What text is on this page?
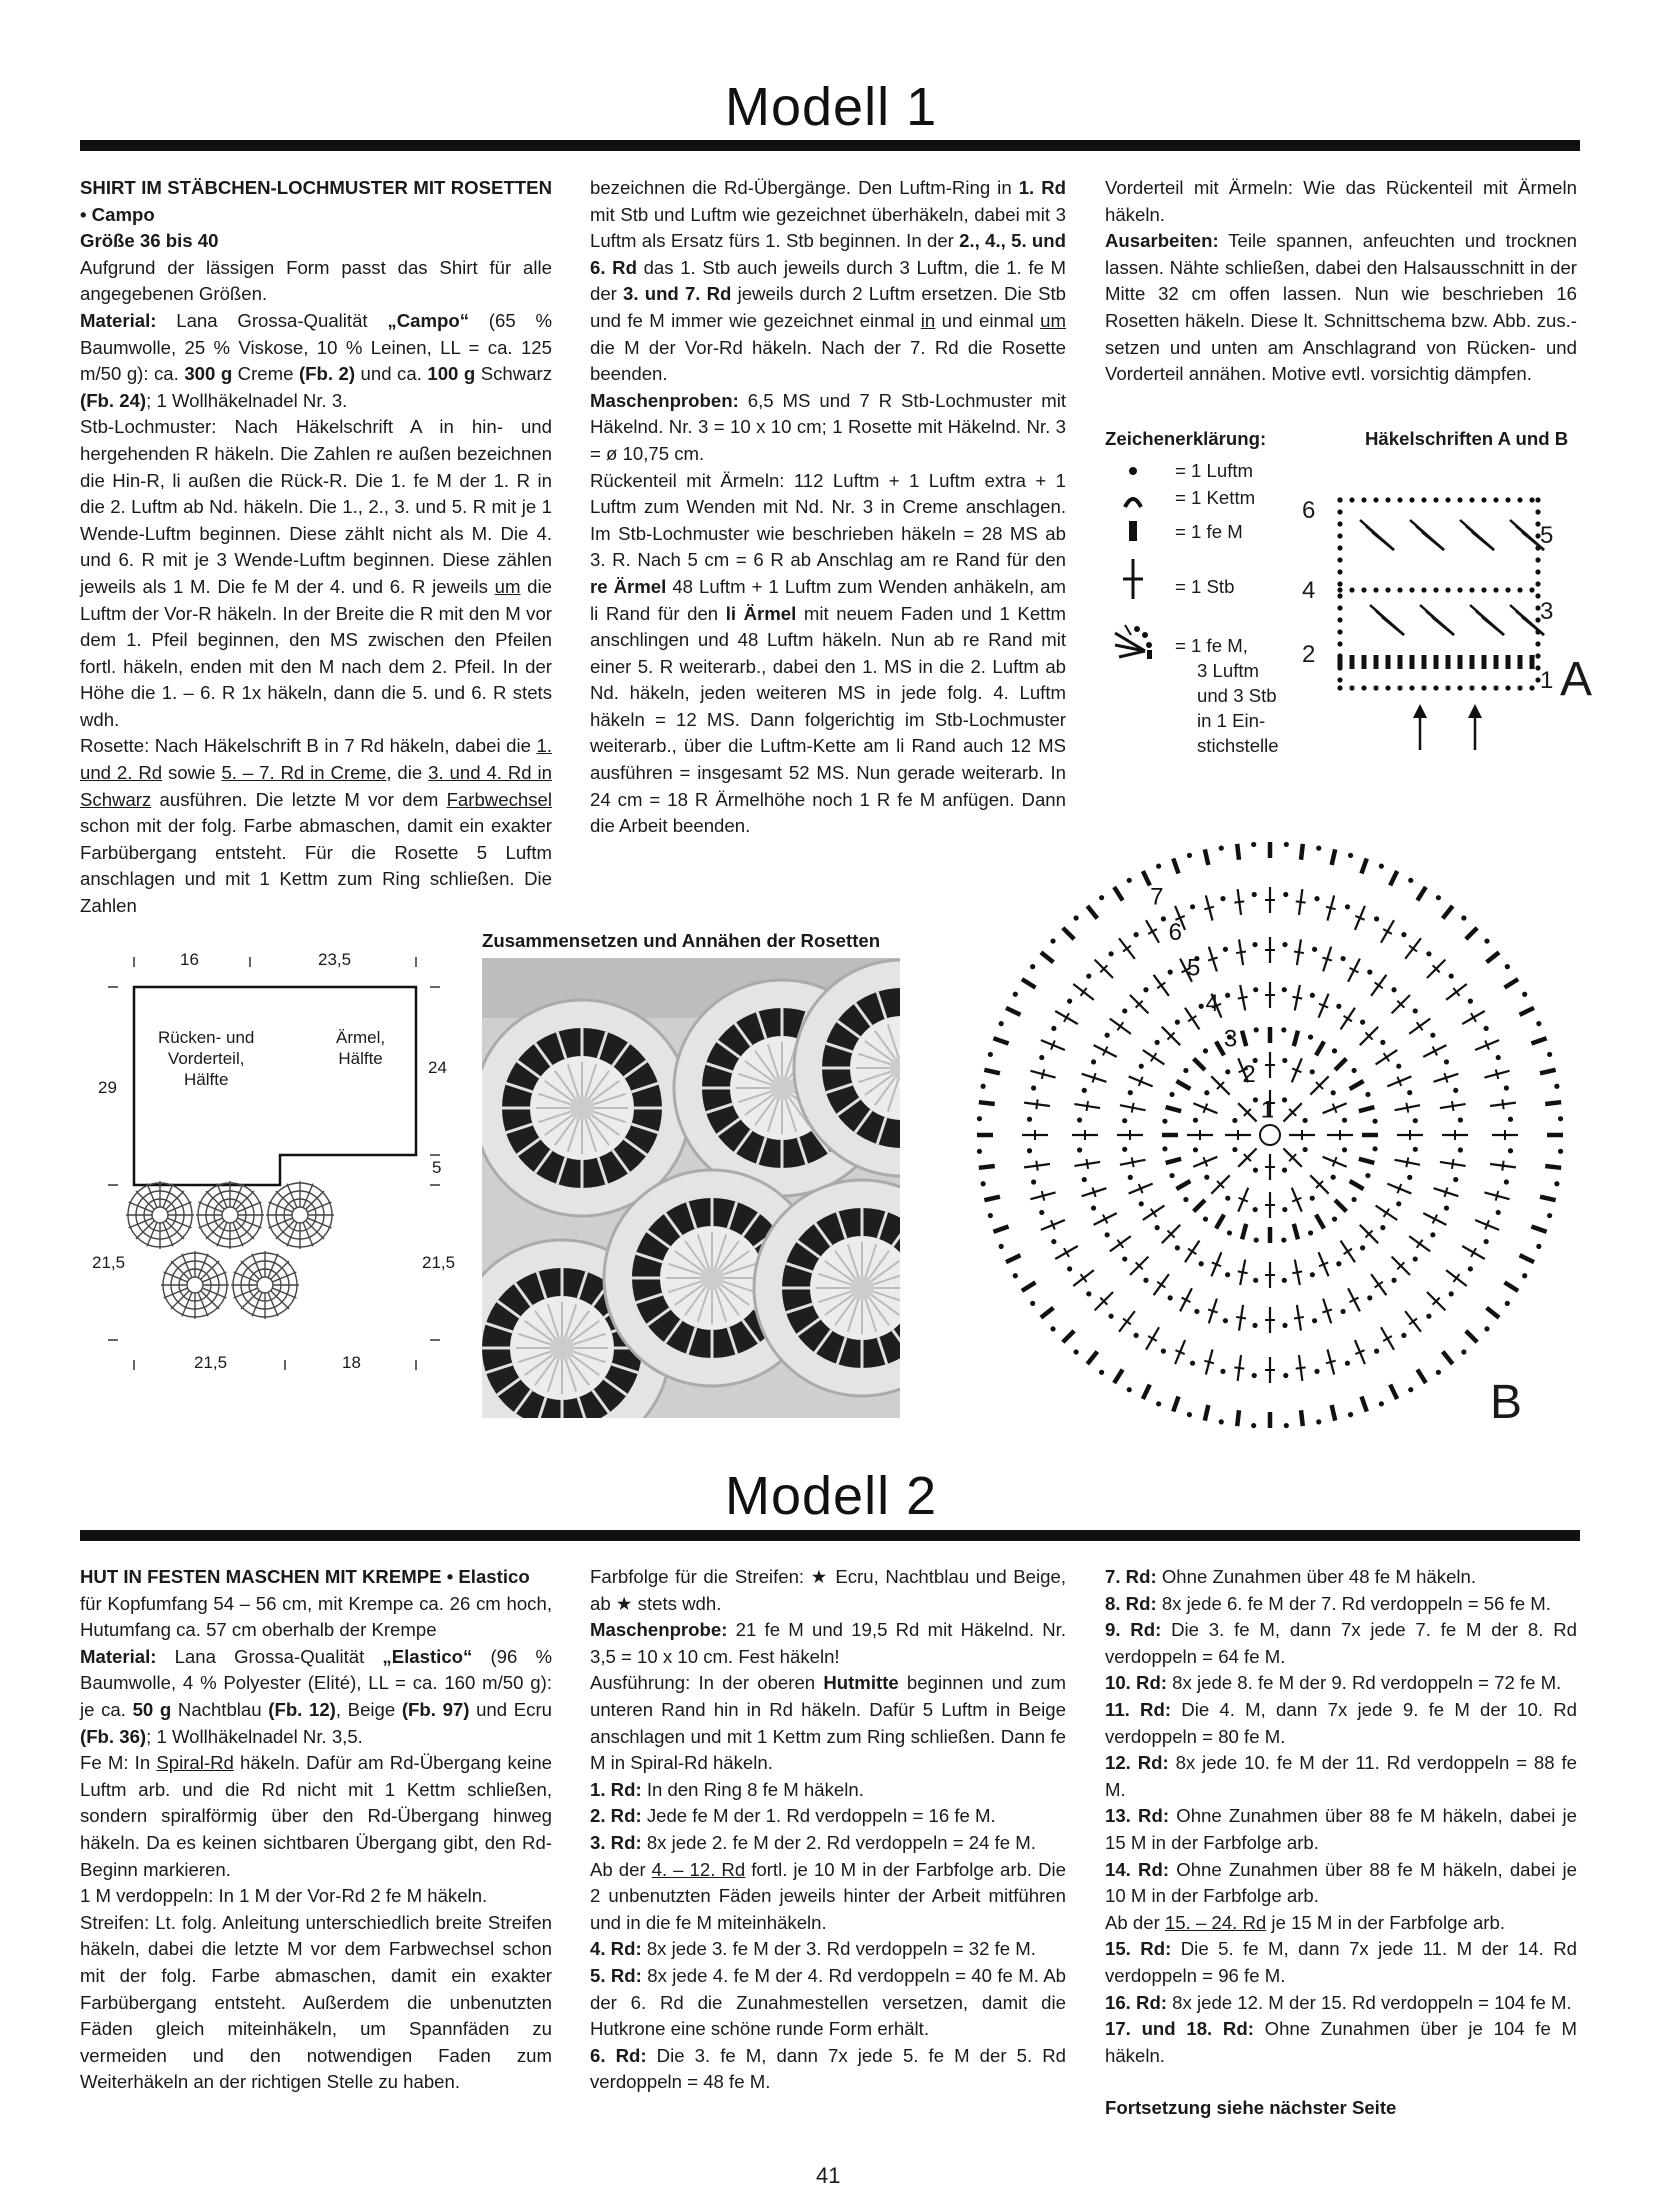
Modell 1

SHIRT IM STÄBCHEN-LOCHMUSTER MIT ROSETTEN • Campo

Größe 36 bis 40

Aufgrund der lässigen Form passt das Shirt für alle angegebenen Größen.

Material: Lana Grossa-Qualität „Campo“ (65 % Baumwolle, 25 % Viskose, 10 % Leinen, LL = ca. 125 m/50 g): ca. 300 g Creme (Fb. 2) und ca. 100 g Schwarz (Fb. 24); 1 Wollhäkelnadel Nr. 3.

Stb-Lochmuster: Nach Häkelschrift A in hin- und hergehenden R häkeln. Die Zahlen re außen bezeichnen die Hin-R, li außen die Rück-R. Die 1. fe M der 1. R in die 2. Luftm ab Nd. häkeln. Die 1., 2., 3. und 5. R mit je 1 Wende-Luftm beginnen. Diese zählt nicht als M. Die 4. und 6. R mit je 3 Wende-Luftm beginnen. Diese zählen jeweils als 1 M. Die fe M der 4. und 6. R jeweils um die Luftm der Vor-R häkeln. In der Breite die R mit den M vor dem 1. Pfeil beginnen, den MS zwischen den Pfeilen fortl. häkeln, enden mit den M nach dem 2. Pfeil. In der Höhe die 1. – 6. R 1x häkeln, dann die 5. und 6. R stets wdh.

Rosette: Nach Häkelschrift B in 7 Rd häkeln, dabei die 1. und 2. Rd sowie 5. – 7. Rd in Creme, die 3. und 4. Rd in Schwarz ausführen. Die letzte M vor dem Farbwechsel schon mit der folg. Farbe abmaschen, damit ein exakter Farbübergang entsteht. Für die Rosette 5 Luftm anschlagen und mit 1 Kettm zum Ring schließen. Die Zahlen

bezeichnen die Rd-Übergänge. Den Luftm-Ring in 1. Rd mit Stb und Luftm wie gezeichnet überhäkeln, dabei mit 3 Luftm als Ersatz fürs 1. Stb beginnen. In der 2., 4., 5. und 6. Rd das 1. Stb auch jeweils durch 3 Luftm, die 1. fe M der 3. und 7. Rd jeweils durch 2 Luftm ersetzen. Die Stb und fe M immer wie gezeichnet einmal in und einmal um die M der Vor-Rd häkeln. Nach der 7. Rd die Rosette beenden.

Maschenproben: 6,5 MS und 7 R Stb-Lochmuster mit Häkelnd. Nr. 3 = 10 x 10 cm; 1 Rosette mit Häkelnd. Nr. 3 = ø 10,75 cm.

Rückenteil mit Ärmeln: 112 Luftm + 1 Luftm extra + 1 Luftm zum Wenden mit Nd. Nr. 3 in Creme anschlagen. Im Stb-Lochmuster wie beschrieben häkeln = 28 MS ab 3. R. Nach 5 cm = 6 R ab Anschlag am re Rand für den re Ärmel 48 Luftm + 1 Luftm zum Wenden anhäkeln, am li Rand für den li Ärmel mit neuem Faden und 1 Kettm anschlingen und 48 Luftm häkeln. Nun ab re Rand mit einer 5. R weiterarb., dabei den 1. MS in die 2. Luftm ab Nd. häkeln, jeden weiteren MS in jede folg. 4. Luftm häkeln = 12 MS. Dann folgerichtig im Stb-Lochmuster weiterarb., über die Luftm-Kette am li Rand auch 12 MS ausführen = insgesamt 52 MS. Nun gerade weiterarb. In 24 cm = 18 R Ärmelhöhe noch 1 R fe M anfügen. Dann die Arbeit beenden.

Vorderteil mit Ärmeln: Wie das Rückenteil mit Ärmeln häkeln.

Ausarbeiten: Teile spannen, anfeuchten und trocknen lassen. Nähte schließen, dabei den Halsausschnitt in der Mitte 32 cm offen lassen. Nun wie beschrieben 16 Rosetten häkeln. Diese lt. Schnittschema bzw. Abb. zus.-setzen und unten am Anschlagrand von Rücken- und Vorderteil annähen. Motive evtl. vorsichtig dämpfen.

Zeichenerklärung:	Häkelschriften A und B
= 1 Luftm
= 1 Kettm
= 1 fe M
= 1 Stb
= 1 fe M,
3 Luftm
und 3 Stb
in 1 Ein-
stichstelle
6
4
2
5
3
1 A
1
2
3
4
5
6
7
B
16	23,5
Rücken- und
Vorderteil,
Hälfte
Ärmel,
Hälfte
29
24
5
21,5	21,5
21,5	18
Zusammensetzen und Annähen der Rosetten
Modell 2

HUT IN FESTEN MASCHEN MIT KREMPE • Elastico

für Kopfumfang 54 – 56 cm, mit Krempe ca. 26 cm hoch, Hutumfang ca. 57 cm oberhalb der Krempe

Material: Lana Grossa-Qualität „Elastico“ (96 % Baumwolle, 4 % Polyester (Elité), LL = ca. 160 m/50 g): je ca. 50 g Nachtblau (Fb. 12), Beige (Fb. 97) und Ecru (Fb. 36); 1 Wollhäkelnadel Nr. 3,5.

Fe M: In Spiral-Rd häkeln. Dafür am Rd-Übergang keine Luftm arb. und die Rd nicht mit 1 Kettm schließen, sondern spiralförmig über den Rd-Übergang hinweg häkeln. Da es keinen sichtbaren Übergang gibt, den Rd-Beginn markieren.

1 M verdoppeln: In 1 M der Vor-Rd 2 fe M häkeln.

Streifen: Lt. folg. Anleitung unterschiedlich breite Streifen häkeln, dabei die letzte M vor dem Farbwechsel schon mit der folg. Farbe abmaschen, damit ein exakter Farbübergang entsteht. Außerdem die unbenutzten Fäden gleich miteinhäkeln, um Spannfäden zu vermeiden und den notwendigen Faden zum Weiterhäkeln an der richtigen Stelle zu haben.

Farbfolge für die Streifen: ★ Ecru, Nachtblau und Beige, ab ★ stets wdh.

Maschenprobe: 21 fe M und 19,5 Rd mit Häkelnd. Nr. 3,5 = 10 x 10 cm. Fest häkeln!

Ausführung: In der oberen Hutmitte beginnen und zum unteren Rand hin in Rd häkeln. Dafür 5 Luftm in Beige anschlagen und mit 1 Kettm zum Ring schließen. Dann fe M in Spiral-Rd häkeln.

1. Rd: In den Ring 8 fe M häkeln.

2. Rd: Jede fe M der 1. Rd verdoppeln = 16 fe M.

3. Rd: 8x jede 2. fe M der 2. Rd verdoppeln = 24 fe M.

Ab der 4. – 12. Rd fortl. je 10 M in der Farbfolge arb. Die 2 unbenutzten Fäden jeweils hinter der Arbeit mitführen und in die fe M miteinhäkeln.

4. Rd: 8x jede 3. fe M der 3. Rd verdoppeln = 32 fe M.

5. Rd: 8x jede 4. fe M der 4. Rd verdoppeln = 40 fe M. Ab der 6. Rd die Zunahmestellen versetzen, damit die Hutkrone eine schöne runde Form erhält.

6. Rd: Die 3. fe M, dann 7x jede 5. fe M der 5. Rd verdoppeln = 48 fe M.

7. Rd: Ohne Zunahmen über 48 fe M häkeln.

8. Rd: 8x jede 6. fe M der 7. Rd verdoppeln = 56 fe M.

9. Rd: Die 3. fe M, dann 7x jede 7. fe M der 8. Rd verdoppeln = 64 fe M.

10. Rd: 8x jede 8. fe M der 9. Rd verdoppeln = 72 fe M.

11. Rd: Die 4. M, dann 7x jede 9. fe M der 10. Rd verdoppeln = 80 fe M.

12. Rd: 8x jede 10. fe M der 11. Rd verdoppeln = 88 fe M.

13. Rd: Ohne Zunahmen über 88 fe M häkeln, dabei je 15 M in der Farbfolge arb.

14. Rd: Ohne Zunahmen über 88 fe M häkeln, dabei je 10 M in der Farbfolge arb.

Ab der 15. – 24. Rd je 15 M in der Farbfolge arb.

15. Rd: Die 5. fe M, dann 7x jede 11. M der 14. Rd verdoppeln = 96 fe M.

16. Rd: 8x jede 12. M der 15. Rd verdoppeln = 104 fe M.

17. und 18. Rd: Ohne Zunahmen über je 104 fe M häkeln.

Fortsetzung siehe nächster Seite

41
